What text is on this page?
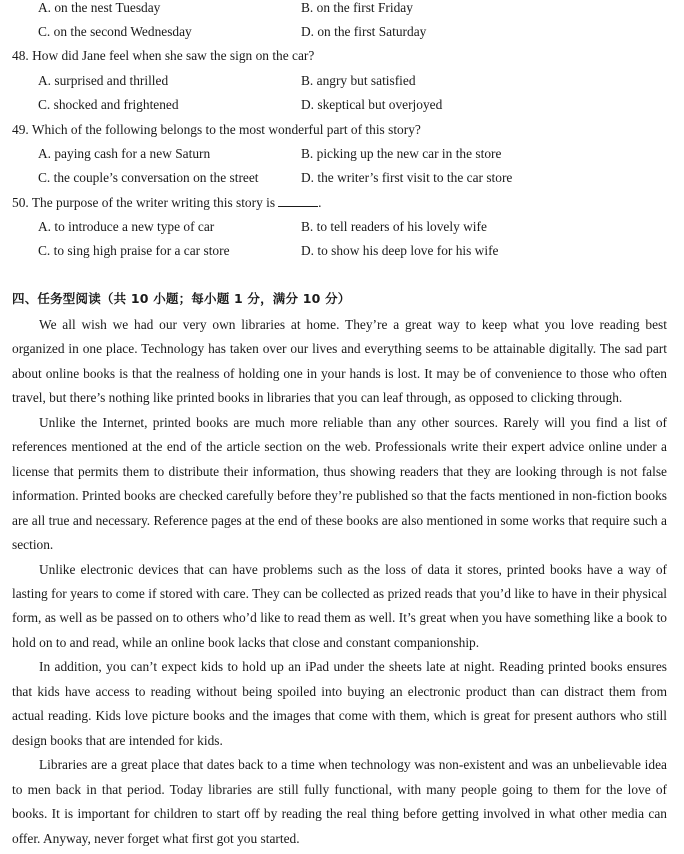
A. on the nest Tuesday	B. on the first Friday
C. on the second Wednesday	D. on the first Saturday
48. How did Jane feel when she saw the sign on the car?
A. surprised and thrilled	B. angry but satisfied
C. shocked and frightened	D. skeptical but overjoyed
49. Which of the following belongs to the most wonderful part of this story?
A. paying cash for a new Saturn	B. picking up the new car in the store
C. the couple’s conversation on the street	D. the writer’s first visit to the car store
50. The purpose of the writer writing this story is	.
A. to introduce a new type of car	B. to tell readers of his lovely wife
C. to sing high praise for a car store	D. to show his deep love for his wife
四、任务型阅读（共 10 小题；每小题 1 分，满分 10 分）

We all wish we had our very own libraries at home. They’re a great way to keep what you love reading best organized in one place. Technology has taken over our lives and everything seems to be attainable digitally. The sad part about online books is that the realness of holding one in your hands is lost. It may be of convenience to those who often travel, but there’s nothing like printed books in libraries that you can leaf through, as opposed to clicking through.

Unlike the Internet, printed books are much more reliable than any other sources. Rarely will you find a list of references mentioned at the end of the article section on the web. Professionals write their expert advice online under a license that permits them to distribute their information, thus showing readers that they are looking through is not false information. Printed books are checked carefully before they’re published so that the facts mentioned in non-fiction books are all true and necessary. Reference pages at the end of these books are also mentioned in some works that require such a section.

Unlike electronic devices that can have problems such as the loss of data it stores, printed books have a way of lasting for years to come if stored with care. They can be collected as prized reads that you’d like to have in their physical form, as well as be passed on to others who’d like to read them as well. It’s great when you have something like a book to hold on to and read, while an online book lacks that close and constant companionship.

In addition, you can’t expect kids to hold up an iPad under the sheets late at night. Reading printed books ensures that kids have access to reading without being spoiled into buying an electronic product than can distract them from actual reading. Kids love picture books and the images that come with them, which is great for present authors who still design books that are intended for kids.

Libraries are a great place that dates back to a time when technology was non-existent and was an unbelievable idea to men back in that period. Today libraries are still fully functional, with many people going to them for the love of books. It is important for children to start off by reading the real thing before getting involved in what other media can offer. Anyway, never forget what first got you started.
